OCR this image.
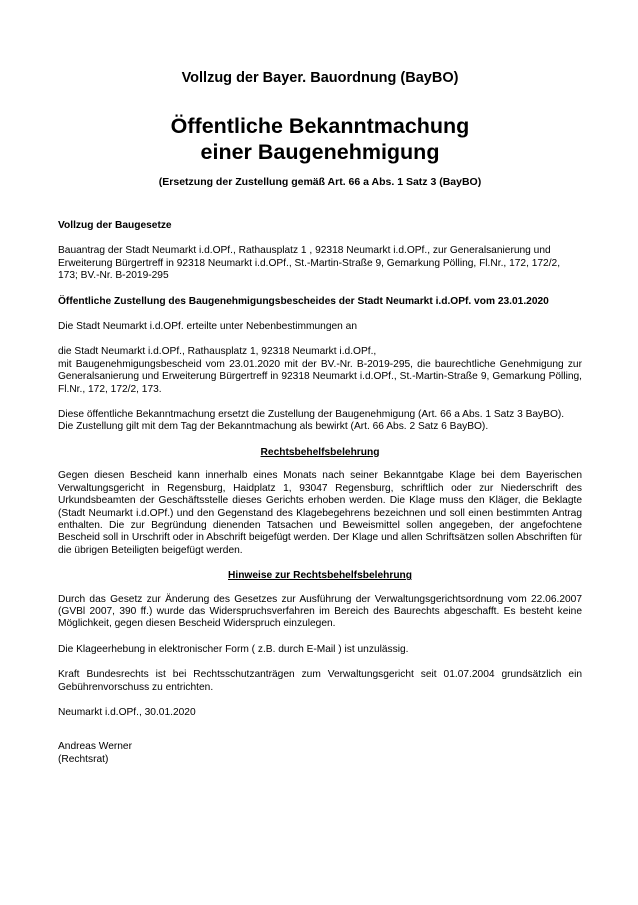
Vollzug der Bayer. Bauordnung (BayBO)
Öffentliche Bekanntmachung
einer Baugenehmigung

(Ersetzung der Zustellung gemäß Art. 66 a Abs. 1 Satz 3 (BayBO)

Vollzug der Baugesetze

Bauantrag der Stadt Neumarkt i.d.OPf., Rathausplatz 1 , 92318 Neumarkt i.d.OPf., zur Generalsanierung und Erweiterung Bürgertreff in 92318 Neumarkt i.d.OPf., St.-Martin-Straße 9, Gemarkung Pölling, Fl.Nr., 172, 172/2, 173; BV.-Nr. B-2019-295

Öffentliche Zustellung des Baugenehmigungsbescheides der Stadt Neumarkt i.d.OPf. vom 23.01.2020

Die Stadt Neumarkt i.d.OPf. erteilte unter Nebenbestimmungen an

die Stadt Neumarkt i.d.OPf., Rathausplatz 1, 92318 Neumarkt i.d.OPf.,
mit Baugenehmigungsbescheid vom 23.01.2020 mit der BV.-Nr. B-2019-295, die baurechtliche Genehmigung zur Generalsanierung und Erweiterung Bürgertreff in 92318 Neumarkt i.d.OPf., St.-Martin-Straße 9, Gemarkung Pölling, Fl.Nr., 172, 172/2, 173.

Diese öffentliche Bekanntmachung ersetzt die Zustellung der Baugenehmigung (Art. 66 a Abs. 1 Satz 3 BayBO). Die Zustellung gilt mit dem Tag der Bekanntmachung als bewirkt (Art. 66 Abs. 2 Satz 6 BayBO).

Rechtsbehelfsbelehrung

Gegen diesen Bescheid kann innerhalb eines Monats nach seiner Bekanntgabe Klage bei dem Bayerischen Verwaltungsgericht in Regensburg, Haidplatz 1, 93047 Regensburg, schriftlich oder zur Niederschrift des Urkundsbeamten der Geschäftsstelle dieses Gerichts erhoben werden. Die Klage muss den Kläger, die Beklagte (Stadt Neumarkt i.d.OPf.) und den Gegenstand des Klagebegehrens bezeichnen und soll einen bestimmten Antrag enthalten. Die zur Begründung dienenden Tatsachen und Beweismittel sollen angegeben, der angefochtene Bescheid soll in Urschrift oder in Abschrift beigefügt werden. Der Klage und allen Schriftsätzen sollen Abschriften für die übrigen Beteiligten beigefügt werden.

Hinweise zur Rechtsbehelfsbelehrung

Durch das Gesetz zur Änderung des Gesetzes zur Ausführung der Verwaltungsgerichtsordnung vom 22.06.2007 (GVBl 2007, 390 ff.) wurde das Widerspruchsverfahren im Bereich des Baurechts abgeschafft. Es besteht keine Möglichkeit, gegen diesen Bescheid Widerspruch einzulegen.

Die Klageerhebung in elektronischer Form ( z.B. durch E-Mail ) ist unzulässig.

Kraft Bundesrechts ist bei Rechtsschutzanträgen zum Verwaltungsgericht seit 01.07.2004 grundsätzlich ein Gebührenvorschuss zu entrichten.

Neumarkt i.d.OPf., 30.01.2020

Andreas Werner
(Rechtsrat)
